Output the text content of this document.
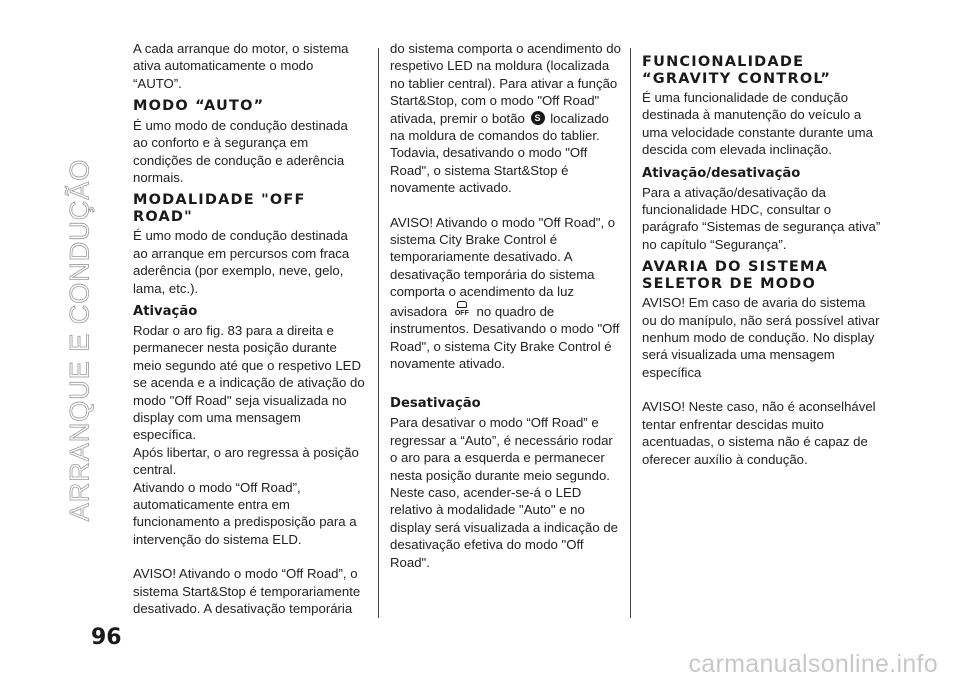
ARRANQUE E CONDUÇÃO
96

A cada arranque do motor, o sistema ativa automaticamente o modo “AUTO”.

MODO “AUTO”

É umo modo de condução destinada ao conforto e à segurança em condições de condução e aderência normais.

MODALIDADE "OFF ROAD"

É umo modo de condução destinada ao arranque em percursos com fraca aderência (por exemplo, neve, gelo, lama, etc.).

Ativação

Rodar o aro fig. 83 para a direita e permanecer nesta posição durante meio segundo até que o respetivo LED se acenda e a indicação de ativação do modo "Off Road" seja visualizada no display com uma mensagem específica.

Após libertar, o aro regressa à posição central.

Ativando o modo “Off Road”, automaticamente entra em funcionamento a predisposição para a intervenção do sistema ELD.

AVISO! Ativando o modo “Off Road”, o sistema Start&Stop é temporariamente desativado. A desativação temporária

do sistema comporta o acendimento do respetivo LED na moldura (localizada no tablier central). Para ativar a função Start&Stop, com o modo "Off Road" ativada, premir o botão S localizado na moldura de comandos do tablier. Todavia, desativando o modo "Off Road", o sistema Start&Stop é novamente activado.

AVISO! Ativando o modo "Off Road", o sistema City Brake Control é temporariamente desativado. A desativação temporária do sistema comporta o acendimento da luz avisadora	OFF no quadro de instrumentos. Desativando o modo "Off Road", o sistema City Brake Control é novamente ativado.

Desativação

Para desativar o modo “Off Road” e regressar a “Auto”, é necessário rodar o aro para a esquerda e permanecer nesta posição durante meio segundo. Neste caso, acender-se-á o LED relativo à modalidade "Auto" e no display será visualizada a indicação de desativação efetiva do modo "Off Road".

FUNCIONALIDADE “GRAVITY CONTROL”

É uma funcionalidade de condução destinada à manutenção do veículo a uma velocidade constante durante uma descida com elevada inclinação.

Ativação/desativação

Para a ativação/desativação da funcionalidade HDC, consultar o parágrafo “Sistemas de segurança ativa” no capítulo “Segurança”.

AVARIA DO SISTEMA SELETOR DE MODO

AVISO! Em caso de avaria do sistema ou do manípulo, não será possível ativar nenhum modo de condução. No display será visualizada uma mensagem específica

AVISO! Neste caso, não é aconselhável tentar enfrentar descidas muito acentuadas, o sistema não é capaz de oferecer auxílio à condução.

carmanualsonline.info
